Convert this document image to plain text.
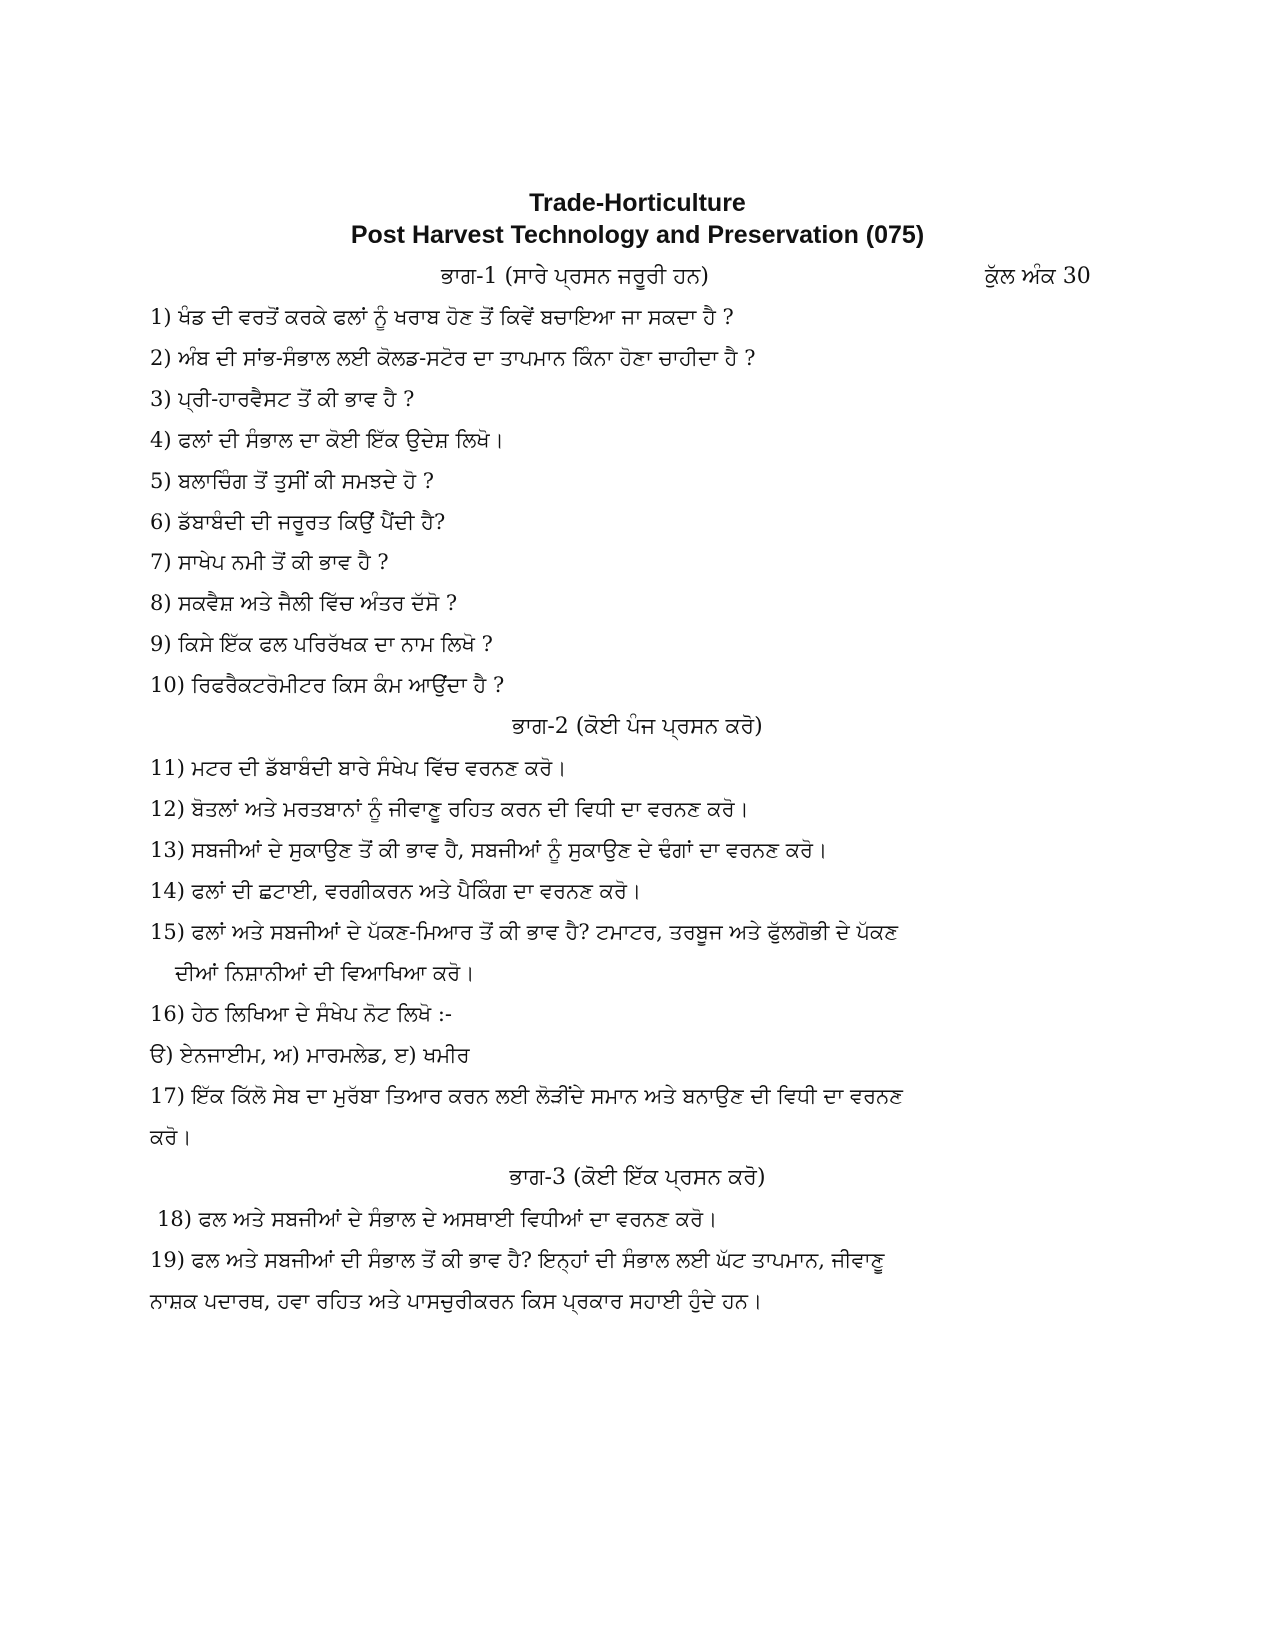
Trade-Horticulture
Post Harvest Technology and Preservation (075)
ਭਾਗ-1 (ਸਾਰੇ ਪ੍ਰਸਨ ਜਰੂਰੀ ਹਨ)	ਕੁੱਲ ਅੰਕ 30
1) ਖੰਡ ਦੀ ਵਰਤੋਂ ਕਰਕੇ ਫਲਾਂ ਨੂੰ ਖਰਾਬ ਹੋਣ ਤੋਂ ਕਿਵੇਂ ਬਚਾਇਆ ਜਾ ਸਕਦਾ ਹੈ ?
2) ਅੰਬ ਦੀ ਸਾਂਭ-ਸੰਭਾਲ ਲਈ ਕੋਲਡ-ਸਟੋਰ ਦਾ ਤਾਪਮਾਨ ਕਿੰਨਾ ਹੋਣਾ ਚਾਹੀਦਾ ਹੈ ?
3) ਪ੍ਰੀ-ਹਾਰਵੈਸਟ ਤੋਂ ਕੀ ਭਾਵ ਹੈ ?
4) ਫਲਾਂ ਦੀ ਸੰਭਾਲ ਦਾ ਕੋਈ ਇੱਕ ਉਦੇਸ਼ ਲਿਖੋ।
5) ਬਲਾਚਿੰਗ ਤੋਂ ਤੁਸੀਂ ਕੀ ਸਮਝਦੇ ਹੋ ?
6) ਡੱਬਾਬੰਦੀ ਦੀ ਜਰੂਰਤ ਕਿਉਂ ਪੈਂਦੀ ਹੈ?
7) ਸਾਖੇਪ ਨਮੀ ਤੋਂ ਕੀ ਭਾਵ ਹੈ ?
8) ਸਕਵੈਸ਼ ਅਤੇ ਜੈਲੀ ਵਿੱਚ ਅੰਤਰ ਦੱਸੋ ?
9) ਕਿਸੇ ਇੱਕ ਫਲ ਪਰਿਰੱਖਕ ਦਾ ਨਾਮ ਲਿਖੋ ?
10) ਰਿਫਰੈਕਟਰੋਮੀਟਰ ਕਿਸ ਕੰਮ ਆਉਂਦਾ ਹੈ ?
ਭਾਗ-2 (ਕੋਈ ਪੰਜ ਪ੍ਰਸਨ ਕਰੋ)
11) ਮਟਰ ਦੀ ਡੱਬਾਬੰਦੀ ਬਾਰੇ ਸੰਖੇਪ ਵਿੱਚ ਵਰਨਣ ਕਰੋ।
12) ਬੋਤਲਾਂ ਅਤੇ ਮਰਤਬਾਨਾਂ ਨੂੰ ਜੀਵਾਣੂ ਰਹਿਤ ਕਰਨ ਦੀ ਵਿਧੀ ਦਾ ਵਰਨਣ ਕਰੋ।
13) ਸਬਜੀਆਂ ਦੇ ਸੁਕਾਉਣ ਤੋਂ ਕੀ ਭਾਵ ਹੈ, ਸਬਜੀਆਂ ਨੂੰ ਸੁਕਾਉਣ ਦੇ ਢੰਗਾਂ ਦਾ ਵਰਨਣ ਕਰੋ।
14) ਫਲਾਂ ਦੀ ਛਟਾਈ, ਵਰਗੀਕਰਨ ਅਤੇ ਪੈਕਿੰਗ ਦਾ ਵਰਨਣ ਕਰੋ।
15) ਫਲਾਂ ਅਤੇ ਸਬਜੀਆਂ ਦੇ ਪੱਕਣ-ਮਿਆਰ ਤੋਂ ਕੀ ਭਾਵ ਹੈ? ਟਮਾਟਰ, ਤਰਬੂਜ ਅਤੇ ਫੁੱਲਗੋਭੀ ਦੇ ਪੱਕਣ
ਦੀਆਂ ਨਿਸ਼ਾਨੀਆਂ ਦੀ ਵਿਆਖਿਆ ਕਰੋ।
16) ਹੇਠ ਲਿਖਿਆ ਦੇ ਸੰਖੇਪ ਨੋਟ ਲਿਖੋ :-
ੳ) ਏਨਜਾਈਮ, ਅ) ਮਾਰਮਲੇਡ, ੲ) ਖਮੀਰ
17) ਇੱਕ ਕਿੱਲੋ ਸੇਬ ਦਾ ਮੁਰੱਬਾ ਤਿਆਰ ਕਰਨ ਲਈ ਲੋੜੀਂਦੇ ਸਮਾਨ ਅਤੇ ਬਨਾਉਣ ਦੀ ਵਿਧੀ ਦਾ ਵਰਨਣ
ਕਰੋ।
ਭਾਗ-3 (ਕੋਈ ਇੱਕ ਪ੍ਰਸਨ ਕਰੋ)
18) ਫਲ ਅਤੇ ਸਬਜੀਆਂ ਦੇ ਸੰਭਾਲ ਦੇ ਅਸਥਾਈ ਵਿਧੀਆਂ ਦਾ ਵਰਨਣ ਕਰੋ।
19) ਫਲ ਅਤੇ ਸਬਜੀਆਂ ਦੀ ਸੰਭਾਲ ਤੋਂ ਕੀ ਭਾਵ ਹੈ? ਇਨ੍ਹਾਂ ਦੀ ਸੰਭਾਲ ਲਈ ਘੱਟ ਤਾਪਮਾਨ, ਜੀਵਾਣੂ
ਨਾਸ਼ਕ ਪਦਾਰਥ, ਹਵਾ ਰਹਿਤ ਅਤੇ ਪਾਸਚੁਰੀਕਰਨ ਕਿਸ ਪ੍ਰਕਾਰ ਸਹਾਈ ਹੁੰਦੇ ਹਨ।
